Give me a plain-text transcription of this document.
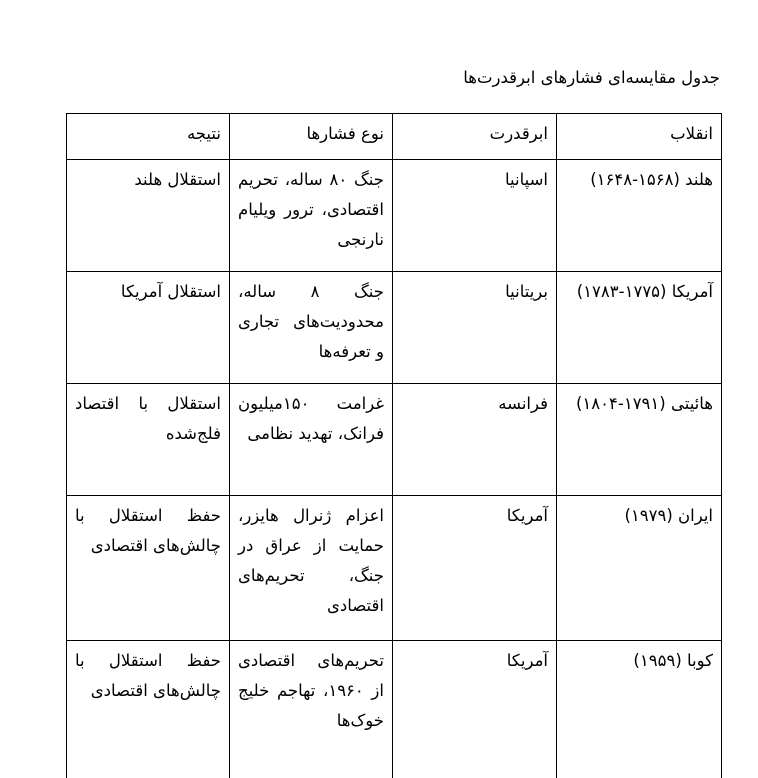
جدول مقایسه‌ای فشارهای ابرقدرت‌ها
انقلاب	ابرقدرت	نوع فشارها	نتیجه
هلند (۱۵۶۸-۱۶۴۸)	اسپانیا	جنگ ۸۰ ساله، تحریم اقتصادی، ترور ویلیام نارنجی	استقلال هلند
آمریکا (۱۷۷۵-۱۷۸۳)	بریتانیا	جنگ ۸ ساله، محدودیت‌های تجاری و تعرفه‌ها	استقلال آمریکا
هائیتی (۱۷۹۱-۱۸۰۴)	فرانسه	غرامت ۱۵۰میلیون فرانک، تهدید نظامی	استقلال با اقتصاد فلج‌شده
ایران (۱۹۷۹)	آمریکا	اعزام ژنرال هایزر، حمایت از عراق در جنگ، تحریم‌های اقتصادی	حفظ استقلال با چالش‌های اقتصادی
کوبا (۱۹۵۹)	آمریکا	تحریم‌های اقتصادی از ۱۹۶۰، تهاجم خلیج خوک‌ها	حفظ استقلال با چالش‌های اقتصادی
